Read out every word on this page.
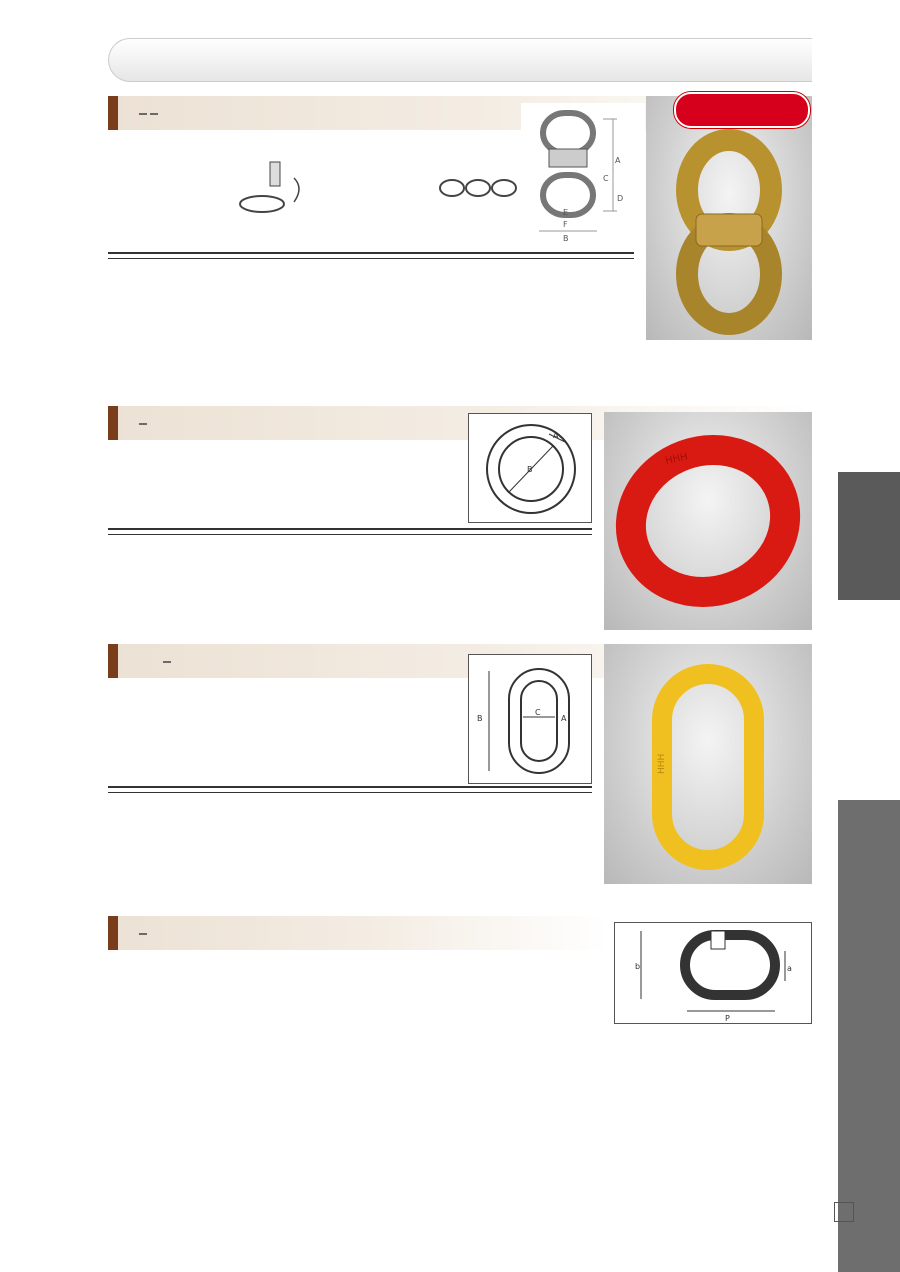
A
C
D
E
F
B

A
B
HHH

B
C
A
HHH

b	a
d
P
